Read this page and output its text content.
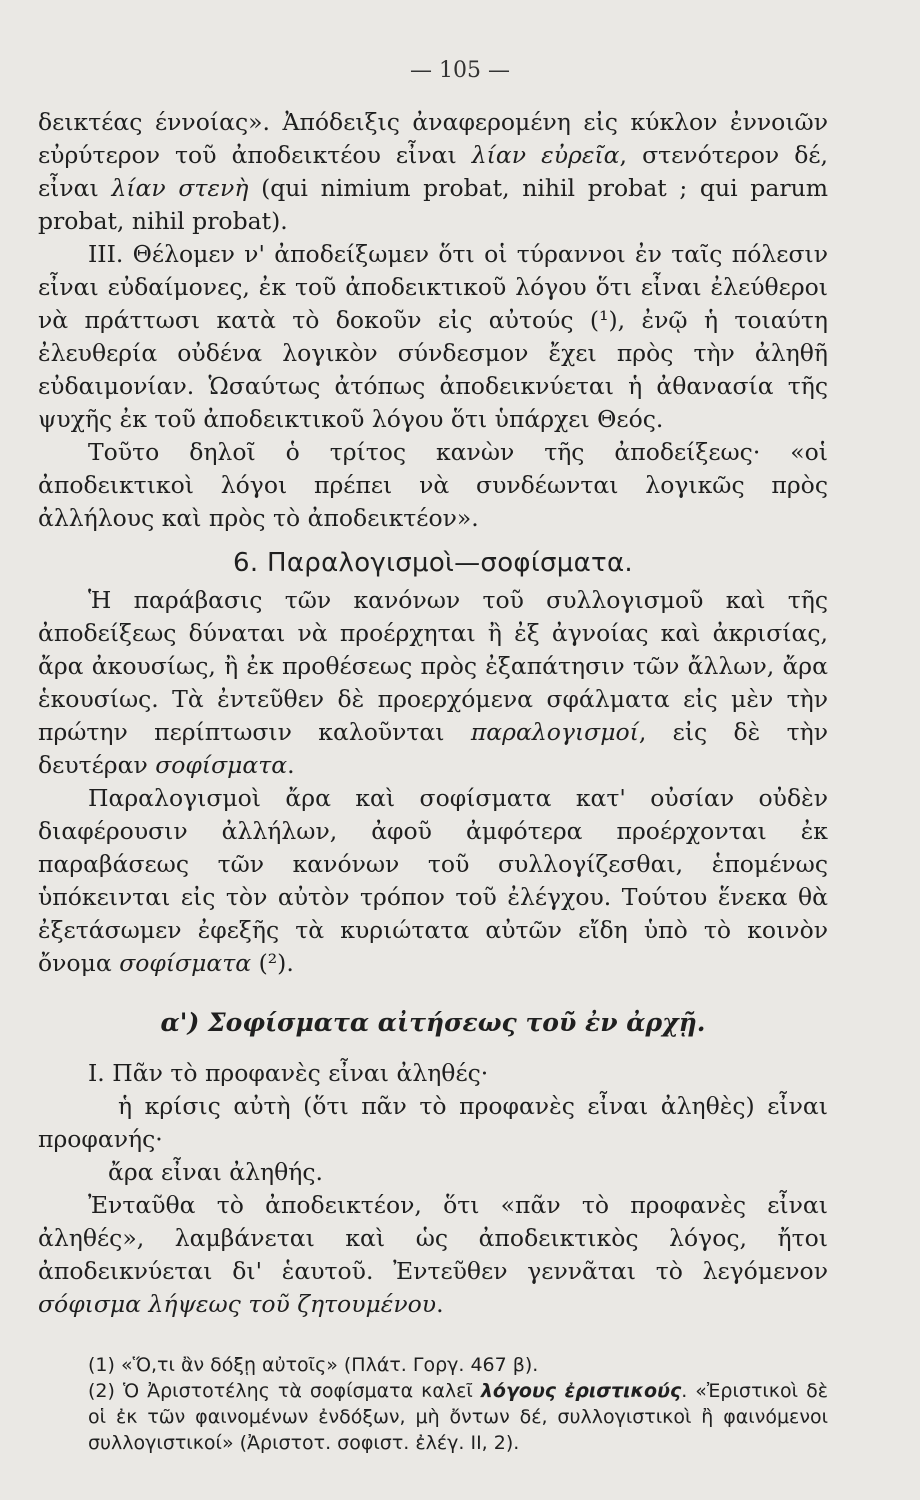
— 105 —

δεικτέας έννοίας». Ἀπόδειξις ἀναφερομένη εἰς κύκλον ἐννοιῶν εὐρύτερον τοῦ ἀποδεικτέου εἶναι λίαν εὐρεῖα, στενότερον δέ, εἶναι λίαν στενὴ (qui nimium probat, nihil probat ; qui parum probat, nihil probat).

III. Θέλομεν ν' ἀποδείξωμεν ὅτι οἱ τύραννοι ἐν ταῖς πόλεσιν εἶναι εὐδαίμονες, ἐκ τοῦ ἀποδεικτικοῦ λόγου ὅτι εἶναι ἐλεύθεροι νὰ πράττωσι κατὰ τὸ δοκοῦν εἰς αὐτούς (¹), ἐνῷ ἡ τοιαύτη ἐλευθερία οὐδένα λογικὸν σύνδεσμον ἔχει πρὸς τὴν ἀληθῆ εὐδαιμονίαν. Ὡσαύτως ἀτόπως ἀποδεικνύεται ἡ ἀθανασία τῆς ψυχῆς ἐκ τοῦ ἀποδεικτικοῦ λόγου ὅτι ὑπάρχει Θεός.

Τοῦτο δηλοῖ ὁ τρίτος κανὼν τῆς ἀποδείξεως· «οἱ ἀποδεικτικοὶ λόγοι πρέπει νὰ συνδέωνται λογικῶς πρὸς ἀλλήλους καὶ πρὸς τὸ ἀποδεικτέον».

6. Παραλογισμοὶ—σοφίσματα.

Ἡ παράβασις τῶν κανόνων τοῦ συλλογισμοῦ καὶ τῆς ἀποδείξεως δύναται νὰ προέρχηται ἢ ἐξ ἀγνοίας καὶ ἀκρισίας, ἄρα ἀκουσίως, ἢ ἐκ προθέσεως πρὸς ἐξαπάτησιν τῶν ἄλλων, ἄρα ἑκουσίως. Τὰ ἐντεῦθεν δὲ προερχόμενα σφάλματα εἰς μὲν τὴν πρώτην περίπτωσιν καλοῦνται παραλογισμοί, εἰς δὲ τὴν δευτέραν σοφίσματα.

Παραλογισμοὶ ἄρα καὶ σοφίσματα κατ' οὐσίαν οὐδὲν διαφέρουσιν ἀλλήλων, ἀφοῦ ἀμφότερα προέρχονται ἐκ παραβάσεως τῶν κανόνων τοῦ συλλογίζεσθαι, ἑπομένως ὑπόκεινται εἰς τὸν αὐτὸν τρόπον τοῦ ἐλέγχου. Τούτου ἕνεκα θὰ ἐξετάσωμεν ἐφεξῆς τὰ κυριώτατα αὐτῶν εἴδη ὑπὸ τὸ κοινὸν ὄνομα σοφίσματα (²).

α') Σοφίσματα αἰτήσεως τοῦ ἐν ἀρχῇ.

I. Πᾶν τὸ προφανὲς εἶναι ἀληθές·

ἡ κρίσις αὐτὴ (ὅτι πᾶν τὸ προφανὲς εἶναι ἀληθὲς) εἶναι προφανής·

ἄρα εἶναι ἀληθής.

Ἐνταῦθα τὸ ἀποδεικτέον, ὅτι «πᾶν τὸ προφανὲς εἶναι ἀληθές», λαμβάνεται καὶ ὡς ἀποδεικτικὸς λόγος, ἤτοι ἀποδεικνύεται δι' ἑαυτοῦ. Ἐντεῦθεν γεννᾶται τὸ λεγόμενον σόφισμα λήψεως τοῦ ζητουμένου.

(1) «Ὅ,τι ἂν δόξῃ αὐτοῖς» (Πλάτ. Γοργ. 467 β).
(2) Ὁ Ἀριστοτέλης τὰ σοφίσματα καλεῖ λόγους ἐριστικούς. «Ἐριστικοὶ δὲ οἱ ἐκ τῶν φαινομένων ἐνδόξων, μὴ ὄντων δέ, συλλογιστικοὶ ἢ φαινόμενοι συλλογιστικοί» (Ἀριστοτ. σοφιστ. ἐλέγ. II, 2).
